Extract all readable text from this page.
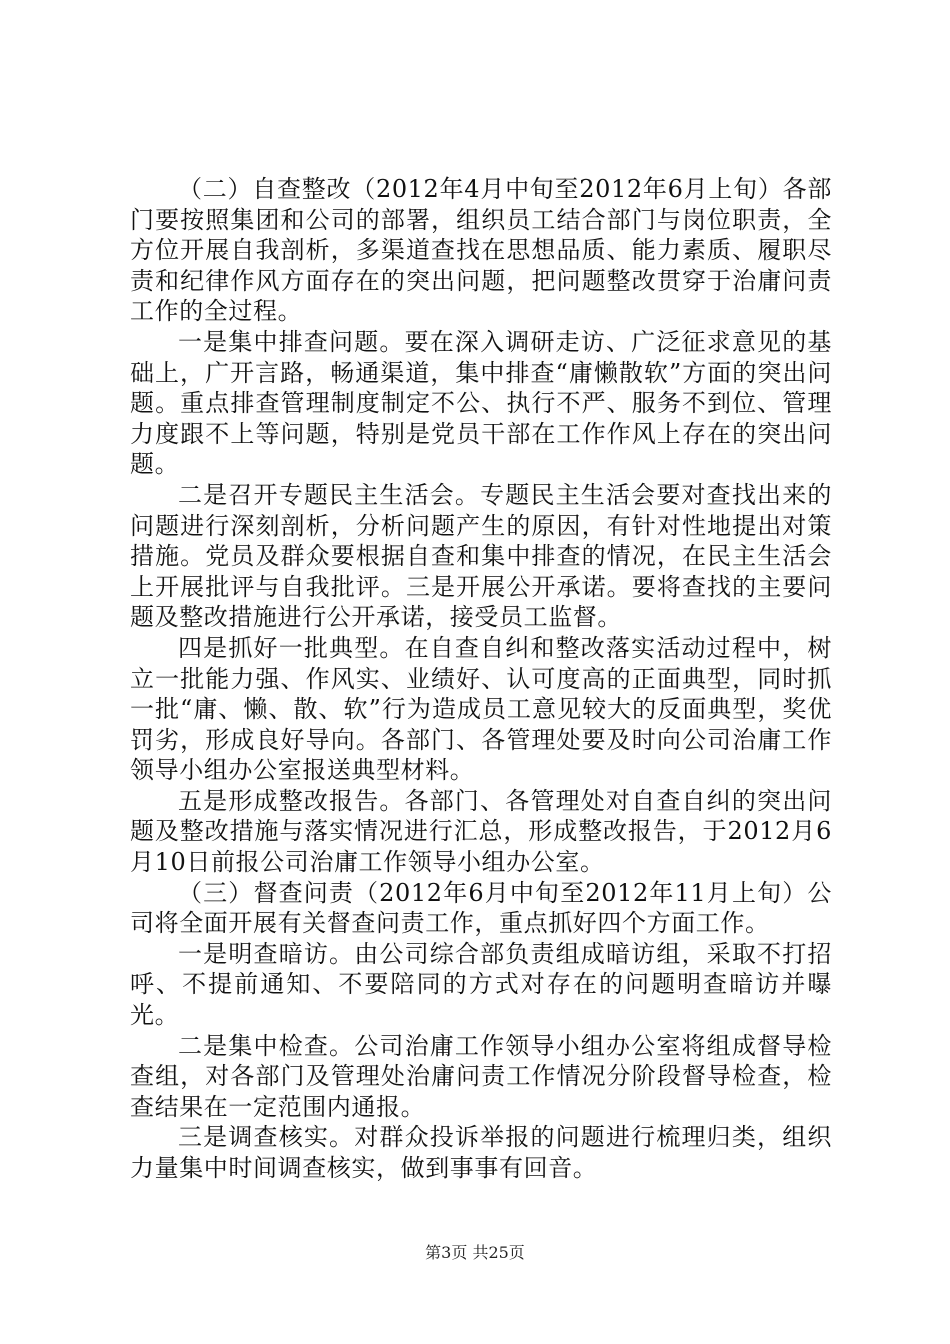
（二）自查整改（2012年4月中旬至2012年6月上旬）各部门要按照集团和公司的部署，组织员工结合部门与岗位职责，全方位开展自我剖析，多渠道查找在思想品质、能力素质、履职尽责和纪律作风方面存在的突出问题，把问题整改贯穿于治庸问责工作的全过程。

一是集中排查问题。要在深入调研走访、广泛征求意见的基础上，广开言路，畅通渠道，集中排查“庸懒散软”方面的突出问题。重点排查管理制度制定不公、执行不严、服务不到位、管理力度跟不上等问题，特别是党员干部在工作作风上存在的突出问题。

二是召开专题民主生活会。专题民主生活会要对查找出来的问题进行深刻剖析，分析问题产生的原因，有针对性地提出对策措施。党员及群众要根据自查和集中排查的情况，在民主生活会上开展批评与自我批评。三是开展公开承诺。要将查找的主要问题及整改措施进行公开承诺，接受员工监督。

四是抓好一批典型。在自查自纠和整改落实活动过程中，树立一批能力强、作风实、业绩好、认可度高的正面典型，同时抓一批“庸、懒、散、软”行为造成员工意见较大的反面典型，奖优罚劣，形成良好导向。各部门、各管理处要及时向公司治庸工作领导小组办公室报送典型材料。

五是形成整改报告。各部门、各管理处对自查自纠的突出问题及整改措施与落实情况进行汇总，形成整改报告，于2012月6月10日前报公司治庸工作领导小组办公室。

（三）督查问责（2012年6月中旬至2012年11月上旬）公司将全面开展有关督查问责工作，重点抓好四个方面工作。

一是明查暗访。由公司综合部负责组成暗访组，采取不打招呼、不提前通知、不要陪同的方式对存在的问题明查暗访并曝光。

二是集中检查。公司治庸工作领导小组办公室将组成督导检查组，对各部门及管理处治庸问责工作情况分阶段督导检查，检查结果在一定范围内通报。

三是调查核实。对群众投诉举报的问题进行梳理归类，组织力量集中时间调查核实，做到事事有回音。

第3页 共25页
